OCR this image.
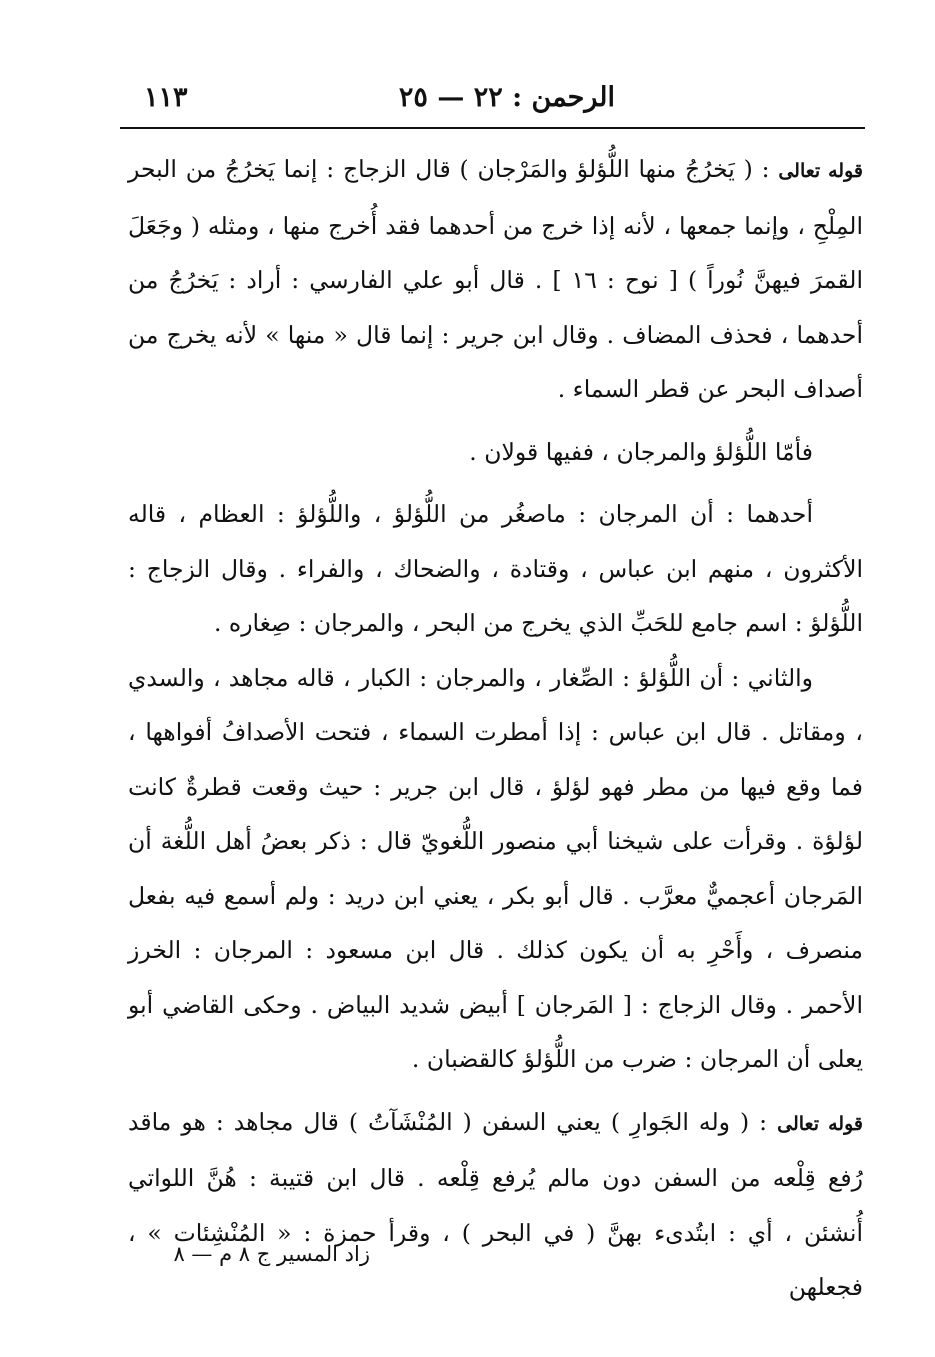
الرحمن : ٢٢ — ٢٥
١١٣

قوله تعالى : ( يَخرُجُ منها اللُّؤلؤ والمَرْجان ) قال الزجاج : إنما يَخرُجُ من البحر المِلْحِ ، وإنما جمعها ، لأنه إذا خرج من أحدهما فقد أُخرج منها ، ومثله ( وجَعَلَ القمرَ فيهنَّ نُوراً ) [ نوح : ١٦ ] . قال أبو علي الفارسي : أراد : يَخرُجُ من أحدهما ، فحذف المضاف . وقال ابن جرير : إنما قال « منها » لأنه يخرج من أصداف البحر عن قطر السماء .

فأمّا اللُّؤلؤ والمرجان ، ففيها قولان .

أحدهما : أن المرجان : ماصغُر من اللُّؤلؤ ، واللُّؤلؤ : العظام ، قاله الأكثرون ، منهم ابن عباس ، وقتادة ، والضحاك ، والفراء . وقال الزجاج : اللُّؤلؤ : اسم جامع للحَبِّ الذي يخرج من البحر ، والمرجان : صِغاره .

والثاني : أن اللُّؤلؤ : الصِّغار ، والمرجان : الكبار ، قاله مجاهد ، والسدي ، ومقاتل . قال ابن عباس : إذا أمطرت السماء ، فتحت الأصدافُ أفواهها ، فما وقع فيها من مطر فهو لؤلؤ ، قال ابن جرير : حيث وقعت قطرةٌ كانت لؤلؤة . وقرأت على شيخنا أبي منصور اللُّغويّ قال : ذكر بعضُ أهل اللُّغة أن المَرجان أعجميٌّ معرَّب . قال أبو بكر ، يعني ابن دريد : ولم أسمع فيه بفعل منصرف ، وأَحْرِ به أن يكون كذلك . قال ابن مسعود : المرجان : الخرز الأحمر . وقال الزجاج : [ المَرجان ] أبيض شديد البياض . وحكى القاضي أبو يعلى أن المرجان : ضرب من اللُّؤلؤ كالقضبان .

قوله تعالى : ( وله الجَوارِ ) يعني السفن ( المُنْشَآتُ ) قال مجاهد : هو ماقد رُفع قِلْعه من السفن دون مالم يُرفع قِلْعه . قال ابن قتيبة : هُنَّ اللواتي أُنشئن ، أي : ابتُدىء بهنَّ ( في البحر ) ، وقرأ حمزة : « المُنْشِئات » ، فجعلهن

زاد المسير ج ٨ م — ٨
